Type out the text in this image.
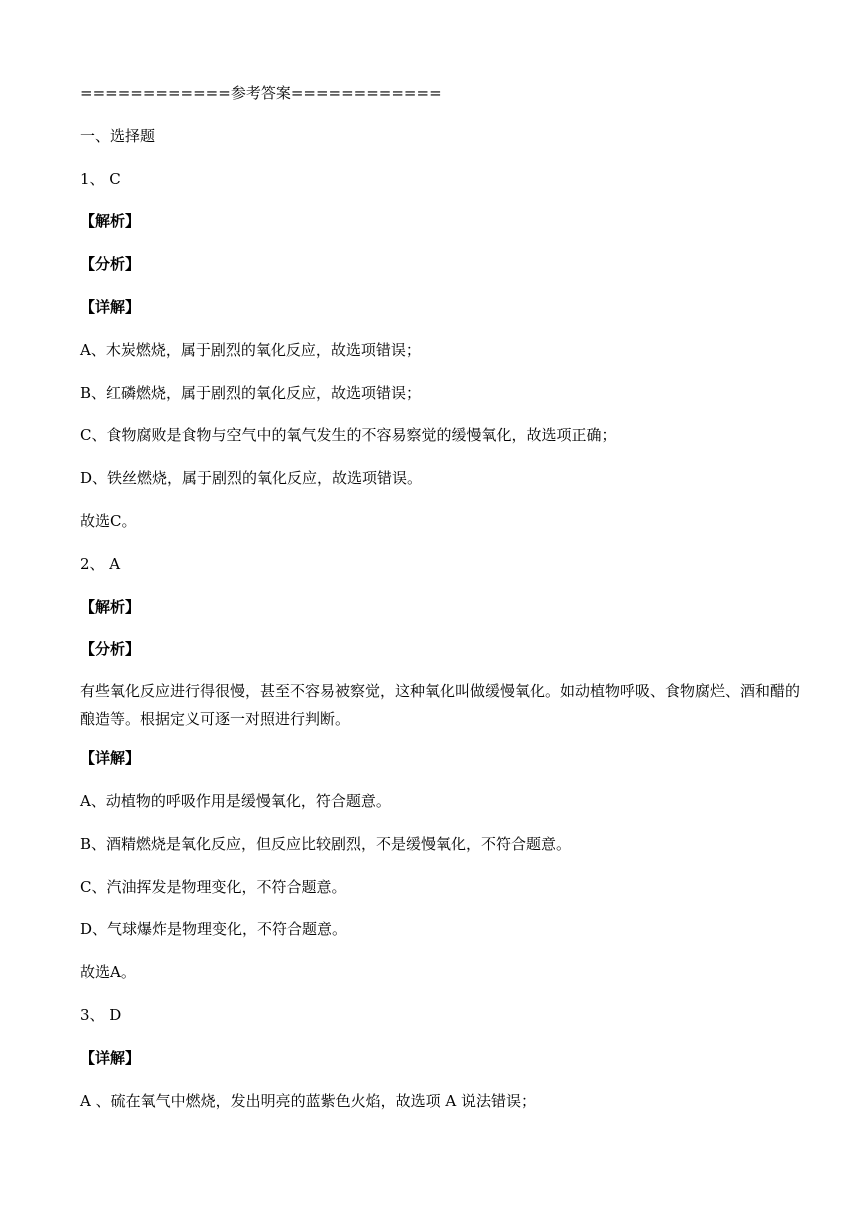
============参考答案============
一、选择题
1、 C
【解析】
【分析】
【详解】
A、木炭燃烧，属于剧烈的氧化反应，故选项错误；
B、红磷燃烧，属于剧烈的氧化反应，故选项错误；
C、食物腐败是食物与空气中的氧气发生的不容易察觉的缓慢氧化，故选项正确；
D、铁丝燃烧，属于剧烈的氧化反应，故选项错误。
故选C。
2、 A
【解析】
【分析】
有些氧化反应进行得很慢，甚至不容易被察觉，这种氧化叫做缓慢氧化。如动植物呼吸、食物腐烂、酒和醋的酿造等。根据定义可逐一对照进行判断。
【详解】
A、动植物的呼吸作用是缓慢氧化，符合题意。
B、酒精燃烧是氧化反应，但反应比较剧烈，不是缓慢氧化，不符合题意。
C、汽油挥发是物理变化，不符合题意。
D、气球爆炸是物理变化，不符合题意。
故选A。
3、 D
【详解】
A 、硫在氧气中燃烧，发出明亮的蓝紫色火焰，故选项 A 说法错误；
